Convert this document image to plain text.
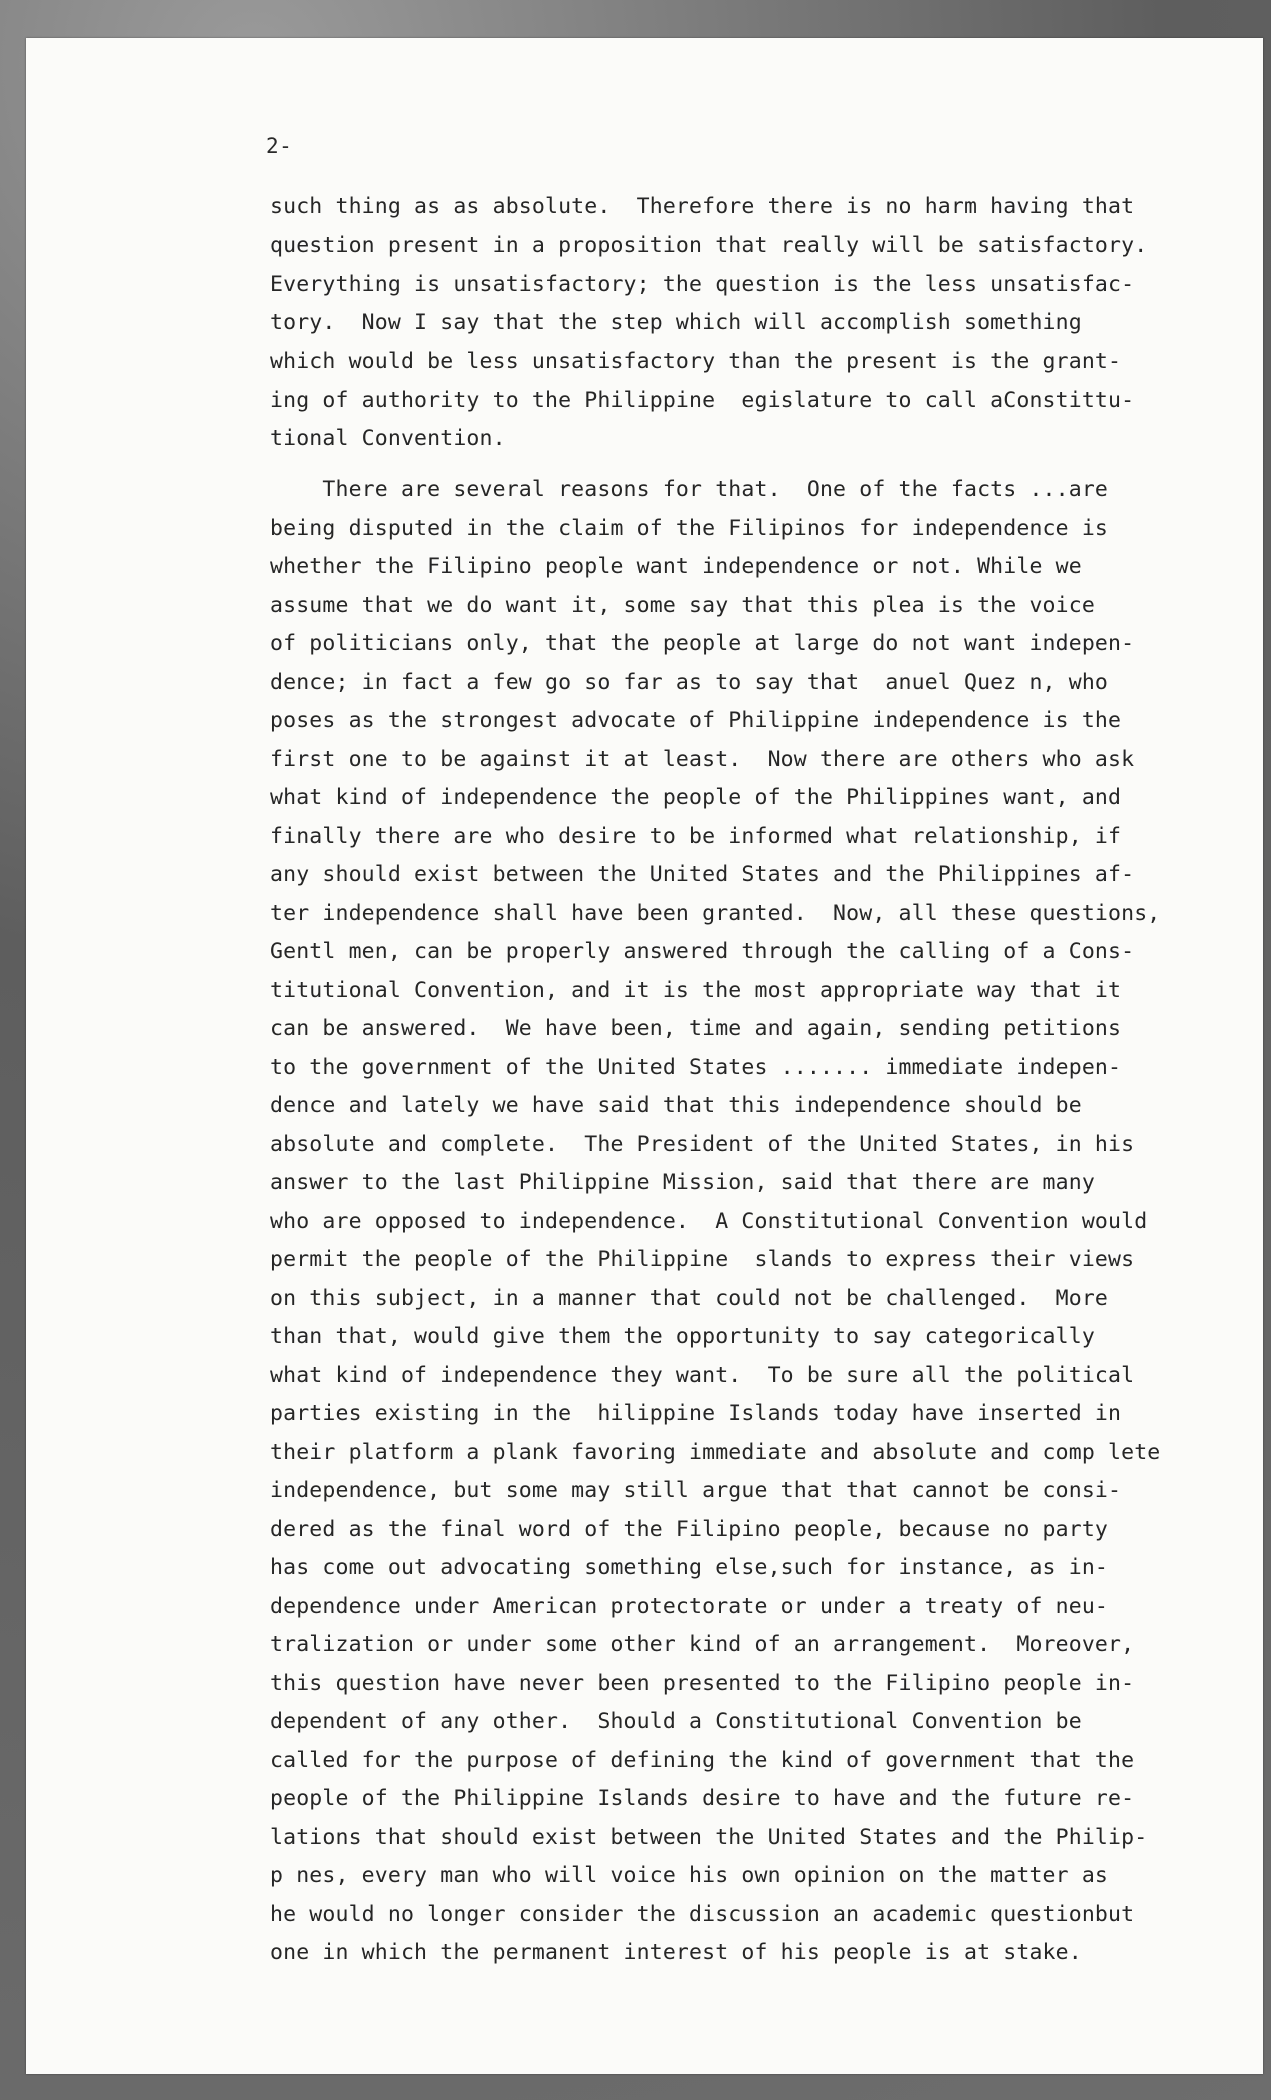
2-
such thing as as absolute.  Therefore there is no harm having that
question present in a proposition that really will be satisfactory.
Everything is unsatisfactory; the question is the less unsatisfac-
tory.  Now I say that the step which will accomplish something
which would be less unsatisfactory than the present is the grant-
ing of authority to the Philippine  egislature to call aConstittu-
tional Convention.
There are several reasons for that.  One of the facts ...are
being disputed in the claim of the Filipinos for independence is
whether the Filipino people want independence or not. While we
assume that we do want it, some say that this plea is the voice
of politicians only, that the people at large do not want indepen-
dence; in fact a few go so far as to say that  anuel Quez n, who
poses as the strongest advocate of Philippine independence is the
first one to be against it at least.  Now there are others who ask
what kind of independence the people of the Philippines want, and
finally there are who desire to be informed what relationship, if
any should exist between the United States and the Philippines af-
ter independence shall have been granted.  Now, all these questions,
Gentl men, can be properly answered through the calling of a Cons-
titutional Convention, and it is the most appropriate way that it
can be answered.  We have been, time and again, sending petitions
to the government of the United States ....... immediate indepen-
dence and lately we have said that this independence should be
absolute and complete.  The President of the United States, in his
answer to the last Philippine Mission, said that there are many
who are opposed to independence.  A Constitutional Convention would
permit the people of the Philippine  slands to express their views
on this subject, in a manner that could not be challenged.  More
than that, would give them the opportunity to say categorically
what kind of independence they want.  To be sure all the political
parties existing in the  hilippine Islands today have inserted in
their platform a plank favoring immediate and absolute and comp lete
independence, but some may still argue that that cannot be consi-
dered as the final word of the Filipino people, because no party
has come out advocating something else,such for instance, as in-
dependence under American protectorate or under a treaty of neu-
tralization or under some other kind of an arrangement.  Moreover,
this question have never been presented to the Filipino people in-
dependent of any other.  Should a Constitutional Convention be
called for the purpose of defining the kind of government that the
people of the Philippine Islands desire to have and the future re-
lations that should exist between the United States and the Philip-
p nes, every man who will voice his own opinion on the matter as
he would no longer consider the discussion an academic questionbut
one in which the permanent interest of his people is at stake.
